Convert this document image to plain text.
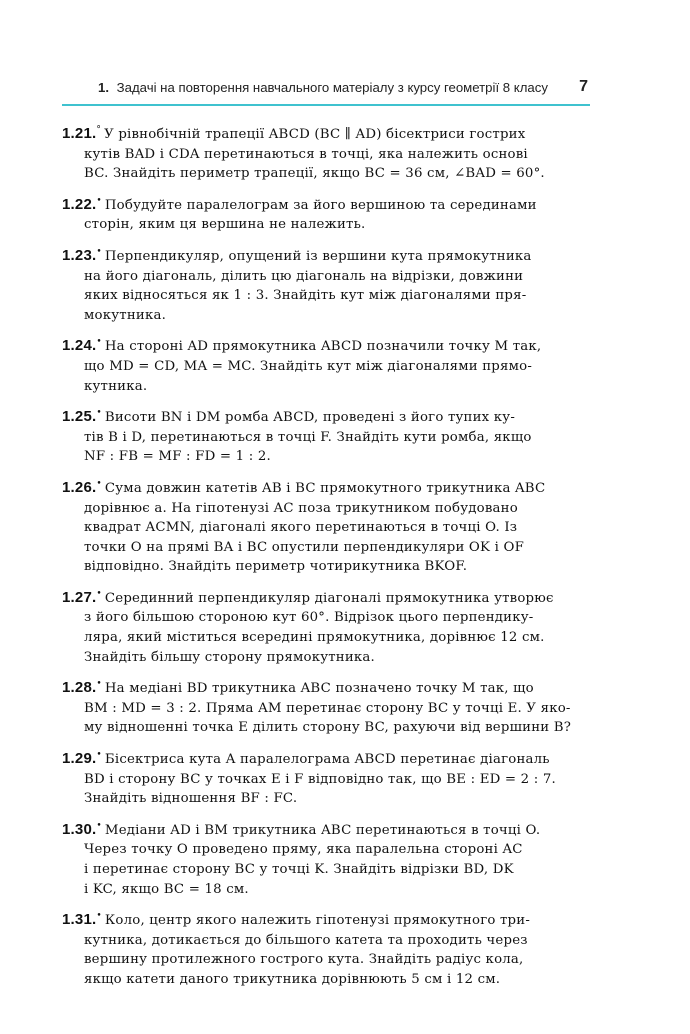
1. Задачі на повторення навчального матеріалу з курсу геометрії 8 класу 7
1.21.° У рівнобічній трапеції ABCD (BC ∥ AD) бісектриси гострих
кутів BAD і CDA перетинаються в точці, яка належить основі
BC. Знайдіть периметр трапеції, якщо BC = 36 см, ∠BAD = 60°.
1.22.• Побудуйте паралелограм за його вершиною та серединами
сторін, яким ця вершина не належить.
1.23.• Перпендикуляр, опущений із вершини кута прямокутника
на його діагональ, ділить цю діагональ на відрізки, довжини
яких відносяться як 1 : 3. Знайдіть кут між діагоналями пря-
мокутника.
1.24.• На стороні AD прямокутника ABCD позначили точку M так,
що MD = CD, MA = MC. Знайдіть кут між діагоналями прямо-
кутника.
1.25.• Висоти BN і DM ромба ABCD, проведені з його тупих ку-
тів B і D, перетинаються в точці F. Знайдіть кути ромба, якщо
NF : FB = MF : FD = 1 : 2.
1.26.• Сума довжин катетів AB і BC прямокутного трикутника ABC
дорівнює a. На гіпотенузі AC поза трикутником побудовано
квадрат ACMN, діагоналі якого перетинаються в точці O. Із
точки O на прямі BA і BC опустили перпендикуляри OK і OF
відповідно. Знайдіть периметр чотирикутника BKOF.
1.27.• Серединний перпендикуляр діагоналі прямокутника утворює
з його більшою стороною кут 60°. Відрізок цього перпендику-
ляра, який міститься всередині прямокутника, дорівнює 12 см.
Знайдіть більшу сторону прямокутника.
1.28.• На медіані BD трикутника ABC позначено точку M так, що
BM : MD = 3 : 2. Пряма AM перетинає сторону BC у точці E. У яко-
му відношенні точка E ділить сторону BC, рахуючи від вершини B?
1.29.• Бісектриса кута A паралелограма ABCD перетинає діагональ
BD і сторону BC у точках E і F відповідно так, що BE : ED = 2 : 7.
Знайдіть відношення BF : FC.
1.30.• Медіани AD і BM трикутника ABC перетинаються в точці O.
Через точку O проведено пряму, яка паралельна стороні AC
і перетинає сторону BC у точці K. Знайдіть відрізки BD, DK
і KC, якщо BC = 18 см.
1.31.• Коло, центр якого належить гіпотенузі прямокутного три-
кутника, дотикається до більшого катета та проходить через
вершину протилежного гострого кута. Знайдіть радіус кола,
якщо катети даного трикутника дорівнюють 5 см і 12 см.
